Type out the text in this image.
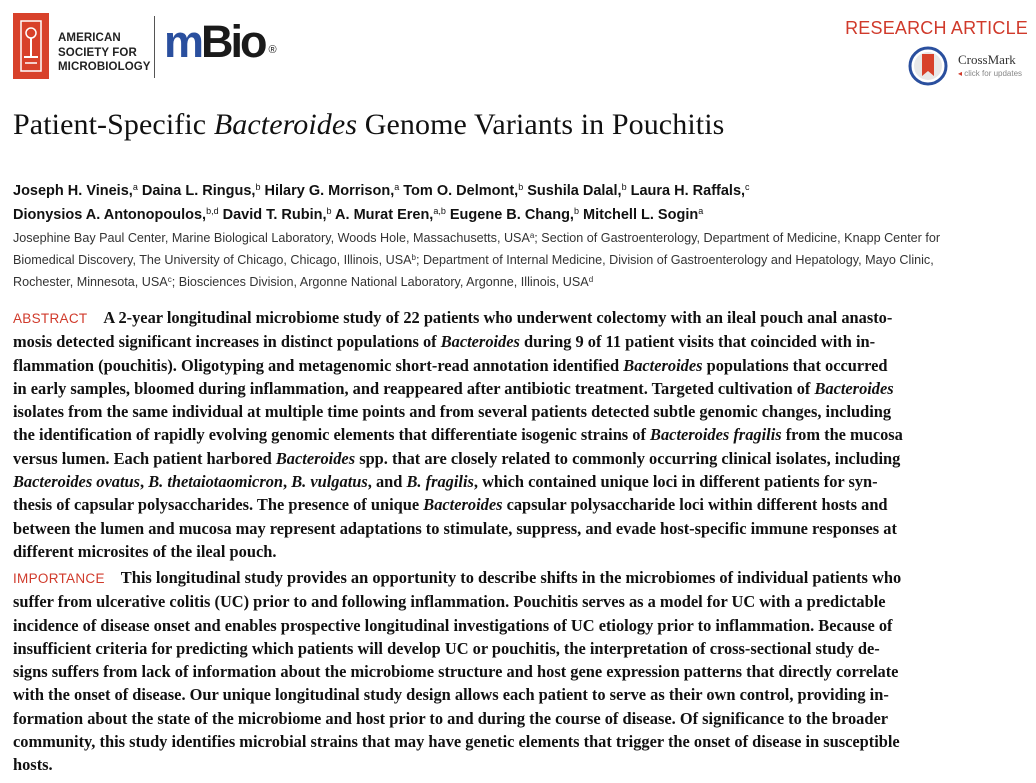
AMERICAN
SOCIETY FOR
MICROBIOLOGY mBio ®
RESEARCH ARTICLE
CrossMark
◂ click for updates
Patient-Specific Bacteroides Genome Variants in Pouchitis
Joseph H. Vineis,$^a$ Daina L. Ringus,$^b$ Hilary G. Morrison,$^a$ Tom O. Delmont,$^b$ Sushila Dalal,$^b$ Laura H. Raffals,$^c$
Dionysios A. Antonopoulos,$^{b,d}$ David T. Rubin,$^b$ A. Murat Eren,$^{a,b}$ Eugene B. Chang,$^b$ Mitchell L. Sogin$^a$
Josephine Bay Paul Center, Marine Biological Laboratory, Woods Hole, Massachusetts, USA$^a$; Section of Gastroenterology, Department of Medicine, Knapp Center for
Biomedical Discovery, The University of Chicago, Chicago, Illinois, USA$^b$; Department of Internal Medicine, Division of Gastroenterology and Hepatology, Mayo Clinic,
Rochester, Minnesota, USA$^c$; Biosciences Division, Argonne National Laboratory, Argonne, Illinois, USA$^d$
ABSTRACT A 2-year longitudinal microbiome study of 22 patients who underwent colectomy with an ileal pouch anal anasto-
mosis detected significant increases in distinct populations of Bacteroides during 9 of 11 patient visits that coincided with in-
flammation (pouchitis). Oligotyping and metagenomic short-read annotation identified Bacteroides populations that occurred
in early samples, bloomed during inflammation, and reappeared after antibiotic treatment. Targeted cultivation of Bacteroides
isolates from the same individual at multiple time points and from several patients detected subtle genomic changes, including
the identification of rapidly evolving genomic elements that differentiate isogenic strains of Bacteroides fragilis from the mucosa
versus lumen. Each patient harbored Bacteroides spp. that are closely related to commonly occurring clinical isolates, including
Bacteroides ovatus, B. thetaiotaomicron, B. vulgatus, and B. fragilis, which contained unique loci in different patients for syn-
thesis of capsular polysaccharides. The presence of unique Bacteroides capsular polysaccharide loci within different hosts and
between the lumen and mucosa may represent adaptations to stimulate, suppress, and evade host-specific immune responses at
different microsites of the ileal pouch.
IMPORTANCE This longitudinal study provides an opportunity to describe shifts in the microbiomes of individual patients who
suffer from ulcerative colitis (UC) prior to and following inflammation. Pouchitis serves as a model for UC with a predictable
incidence of disease onset and enables prospective longitudinal investigations of UC etiology prior to inflammation. Because of
insufficient criteria for predicting which patients will develop UC or pouchitis, the interpretation of cross-sectional study de-
signs suffers from lack of information about the microbiome structure and host gene expression patterns that directly correlate
with the onset of disease. Our unique longitudinal study design allows each patient to serve as their own control, providing in-
formation about the state of the microbiome and host prior to and during the course of disease. Of significance to the broader
community, this study identifies microbial strains that may have genetic elements that trigger the onset of disease in susceptible
hosts.
